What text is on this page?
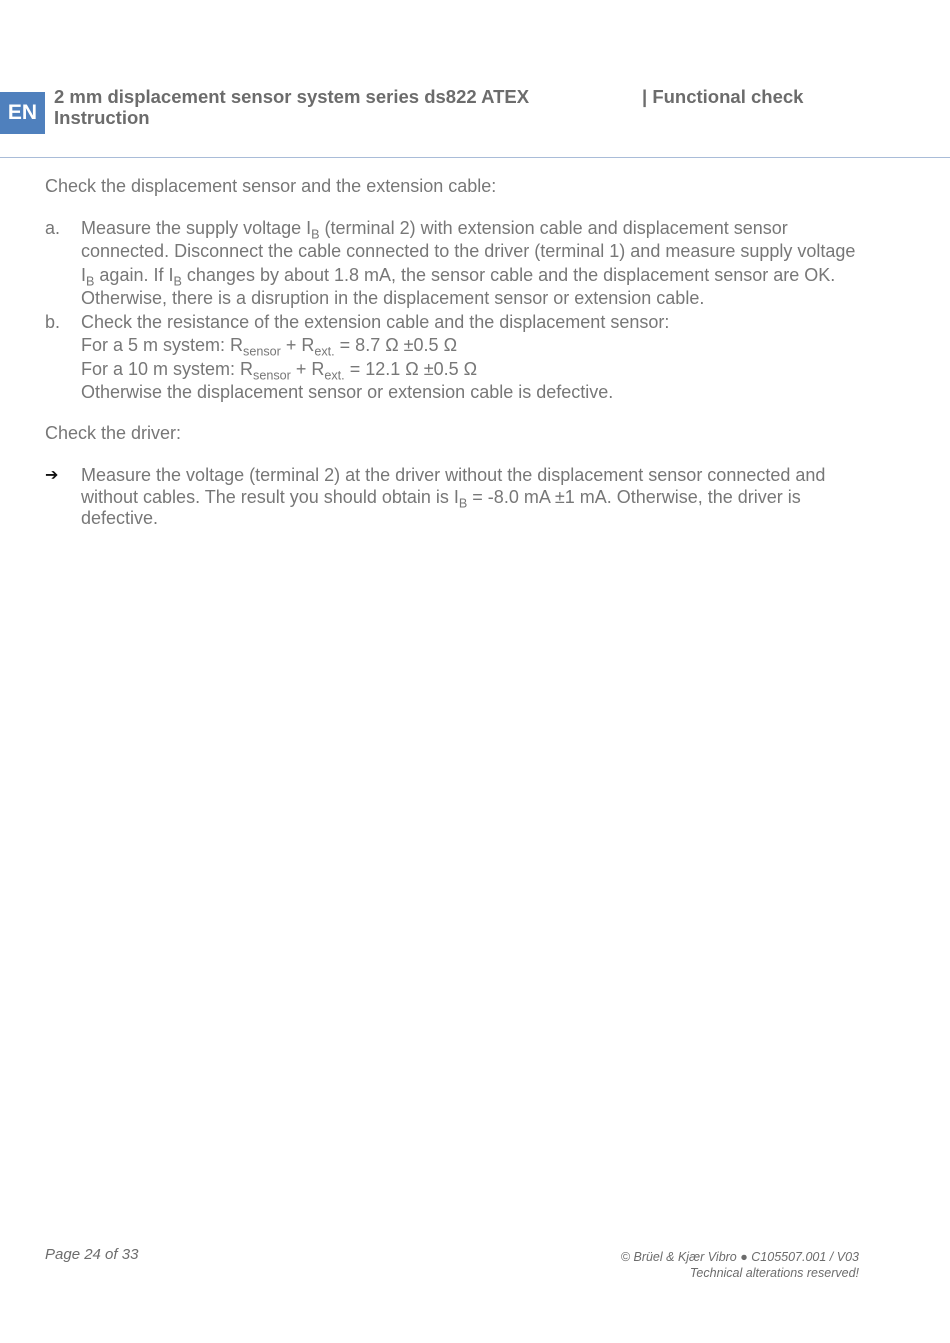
EN
2 mm displacement sensor system series ds822 ATEX
Instruction
| Functional check

Check the displacement sensor and the extension cable:

a. Measure the supply voltage $I_B$ (terminal 2) with extension cable and displacement sensor connected. Disconnect the cable connected to the driver (terminal 1) and measure supply voltage $I_B$ again. If $I_B$ changes by about 1.8 mA, the sensor cable and the displacement sensor are OK. Otherwise, there is a disruption in the displacement sensor or extension cable.

b. Check the resistance of the extension cable and the displacement sensor:

For a 5 m system: $R_{sensor} + R_{ext.} = 8.7$ Ω ±0.5 Ω

For a 10 m system: $R_{sensor} + R_{ext.} = 12.1$ Ω ±0.5 Ω

Otherwise the displacement sensor or extension cable is defective.

Check the driver:

➔ Measure the voltage (terminal 2) at the driver without the displacement sensor connected and without cables. The result you should obtain is $I_B = -8.0$ mA ±1 mA. Otherwise, the driver is defective.
Page 24 of 33	© Brüel & Kjær Vibro ● C105507.001 / V03
Technical alterations reserved!
